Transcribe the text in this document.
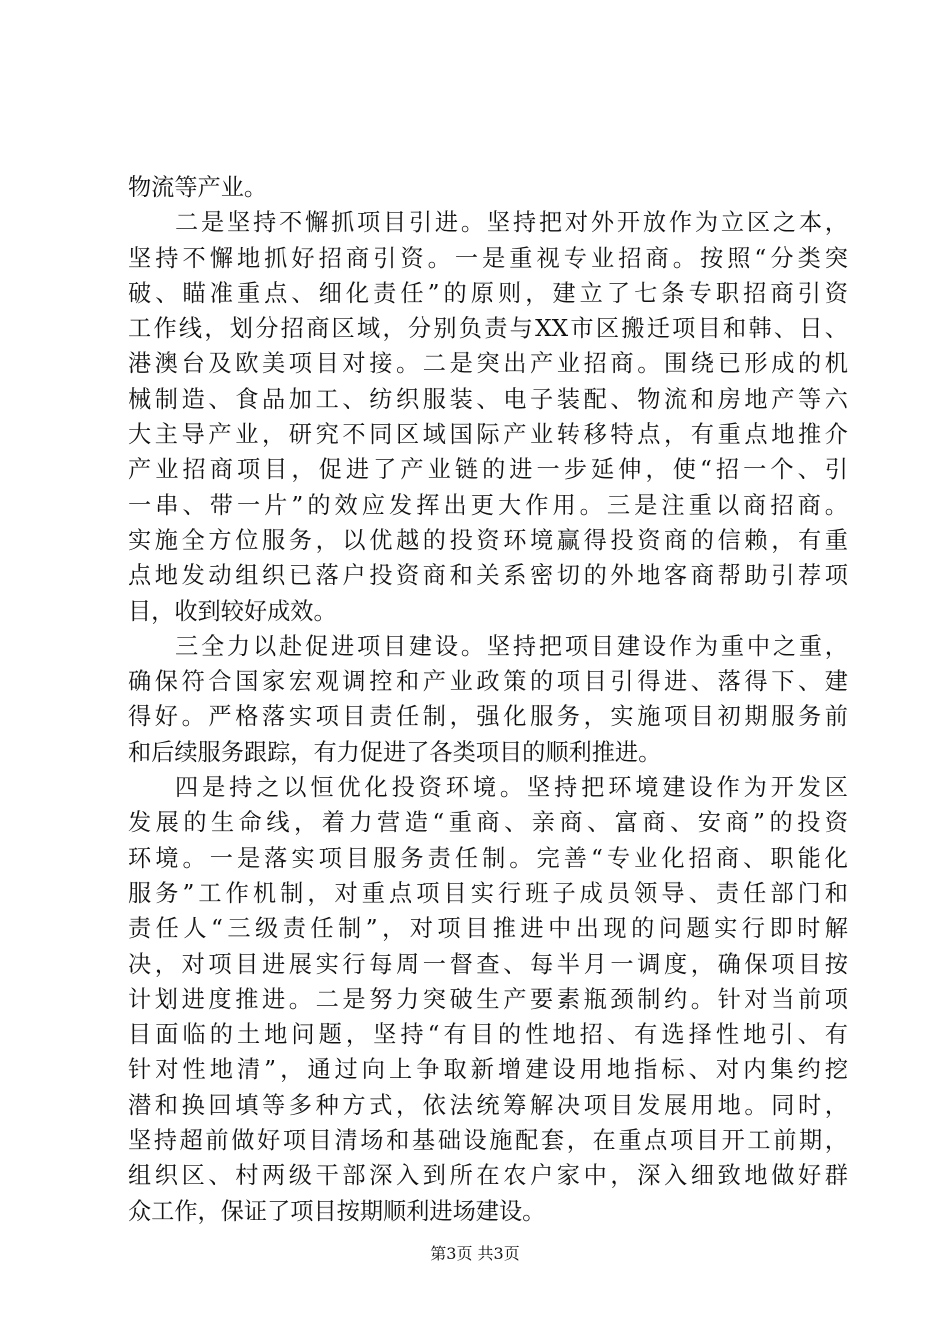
物流等产业。
二是坚持不懈抓项目引进。坚持把对外开放作为立区之本，
坚持不懈地抓好招商引资。一是重视专业招商。按照“分类突
破、瞄准重点、细化责任”的原则，建立了七条专职招商引资
工作线，划分招商区域，分别负责与XX市区搬迁项目和韩、日、
港澳台及欧美项目对接。二是突出产业招商。围绕已形成的机
械制造、食品加工、纺织服装、电子装配、物流和房地产等六
大主导产业，研究不同区域国际产业转移特点，有重点地推介
产业招商项目，促进了产业链的进一步延伸，使“招一个、引
一串、带一片”的效应发挥出更大作用。三是注重以商招商。
实施全方位服务，以优越的投资环境赢得投资商的信赖，有重
点地发动组织已落户投资商和关系密切的外地客商帮助引荐项
目，收到较好成效。
三全力以赴促进项目建设。坚持把项目建设作为重中之重，
确保符合国家宏观调控和产业政策的项目引得进、落得下、建
得好。严格落实项目责任制，强化服务，实施项目初期服务前
和后续服务跟踪，有力促进了各类项目的顺利推进。
四是持之以恒优化投资环境。坚持把环境建设作为开发区
发展的生命线，着力营造“重商、亲商、富商、安商”的投资
环境。一是落实项目服务责任制。完善“专业化招商、职能化
服务”工作机制，对重点项目实行班子成员领导、责任部门和
责任人“三级责任制”，对项目推进中出现的问题实行即时解
决，对项目进展实行每周一督查、每半月一调度，确保项目按
计划进度推进。二是努力突破生产要素瓶颈制约。针对当前项
目面临的土地问题，坚持“有目的性地招、有选择性地引、有
针对性地清”，通过向上争取新增建设用地指标、对内集约挖
潜和换回填等多种方式，依法统筹解决项目发展用地。同时，
坚持超前做好项目清场和基础设施配套，在重点项目开工前期，
组织区、村两级干部深入到所在农户家中，深入细致地做好群
众工作，保证了项目按期顺利进场建设。
第3页 共3页
